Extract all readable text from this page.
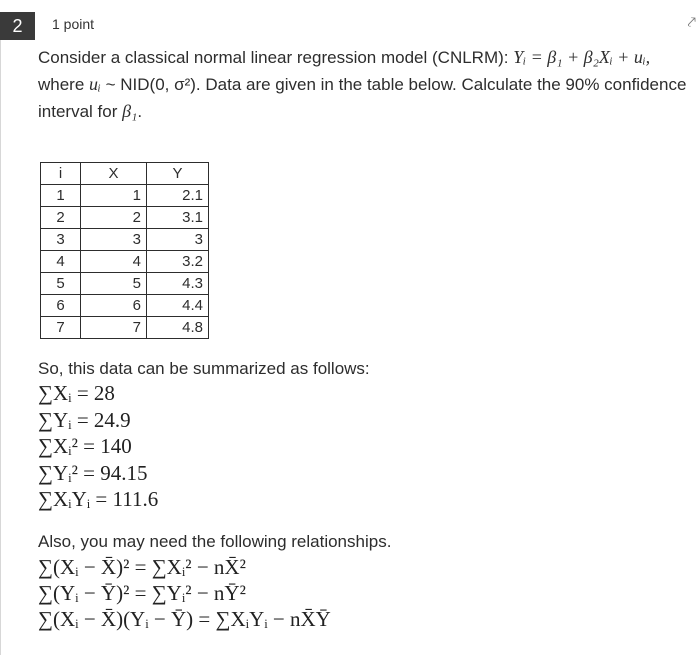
2	1 point	⤤
Consider a classical normal linear regression model (CNLRM): Yᵢ = β₁ + β₂Xᵢ + uᵢ,
where uᵢ ~ NID(0, σ²). Data are given in the table below. Calculate the 90% confidence interval for β₁.
i	X	Y
1	1	2.1
2	2	3.1
3	3	3
4	4	3.2
5	5	4.3
6	6	4.4
7	7	4.8
So, this data can be summarized as follows:
∑Xᵢ = 28
∑Yᵢ = 24.9
∑Xᵢ² = 140
∑Yᵢ² = 94.15
∑XᵢYᵢ = 111.6
Also, you may need the following relationships.
∑(Xᵢ − X̄)² = ∑Xᵢ² − nX̄²
∑(Yᵢ − Ȳ)² = ∑Yᵢ² − nȲ²
∑(Xᵢ − X̄)(Yᵢ − Ȳ) = ∑XᵢYᵢ − nX̄Ȳ
